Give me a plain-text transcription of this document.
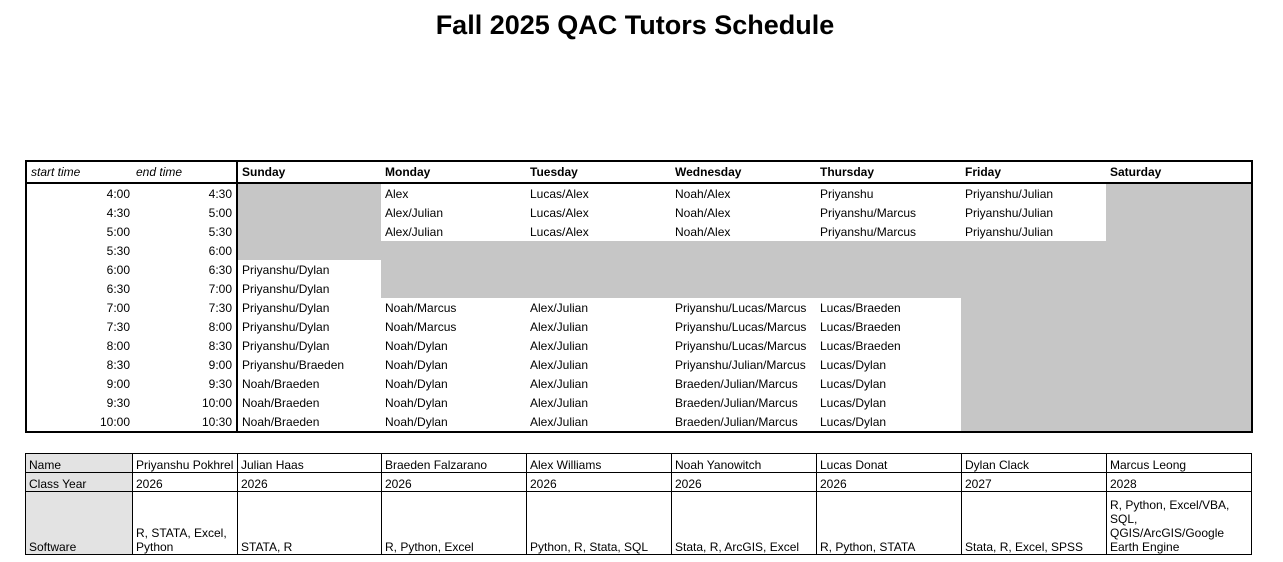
Fall 2025 QAC Tutors Schedule
start time	end time	Sunday	Monday	Tuesday	Wednesday	Thursday	Friday	Saturday
4:00	4:30		Alex	Lucas/Alex	Noah/Alex	Priyanshu	Priyanshu/Julian	
4:30	5:00		Alex/Julian	Lucas/Alex	Noah/Alex	Priyanshu/Marcus	Priyanshu/Julian	
5:00	5:30		Alex/Julian	Lucas/Alex	Noah/Alex	Priyanshu/Marcus	Priyanshu/Julian	
5:30	6:00							
6:00	6:30	Priyanshu/Dylan						
6:30	7:00	Priyanshu/Dylan						
7:00	7:30	Priyanshu/Dylan	Noah/Marcus	Alex/Julian	Priyanshu/Lucas/Marcus	Lucas/Braeden		
7:30	8:00	Priyanshu/Dylan	Noah/Marcus	Alex/Julian	Priyanshu/Lucas/Marcus	Lucas/Braeden		
8:00	8:30	Priyanshu/Dylan	Noah/Dylan	Alex/Julian	Priyanshu/Lucas/Marcus	Lucas/Braeden		
8:30	9:00	Priyanshu/Braeden	Noah/Dylan	Alex/Julian	Priyanshu/Julian/Marcus	Lucas/Dylan		
9:00	9:30	Noah/Braeden	Noah/Dylan	Alex/Julian	Braeden/Julian/Marcus	Lucas/Dylan		
9:30	10:00	Noah/Braeden	Noah/Dylan	Alex/Julian	Braeden/Julian/Marcus	Lucas/Dylan		
10:00	10:30	Noah/Braeden	Noah/Dylan	Alex/Julian	Braeden/Julian/Marcus	Lucas/Dylan		
Name	Priyanshu Pokhrel	Julian Haas	Braeden Falzarano	Alex Williams	Noah Yanowitch	Lucas Donat	Dylan Clack	Marcus Leong
Class Year	2026	2026	2026	2026	2026	2026	2027	2028
Software	R, STATA, Excel, Python	STATA, R	R, Python, Excel	Python, R, Stata, SQL	Stata, R, ArcGIS, Excel	R, Python, STATA	Stata, R, Excel, SPSS	R, Python, Excel/VBA, SQL, QGIS/ArcGIS/Google Earth Engine
